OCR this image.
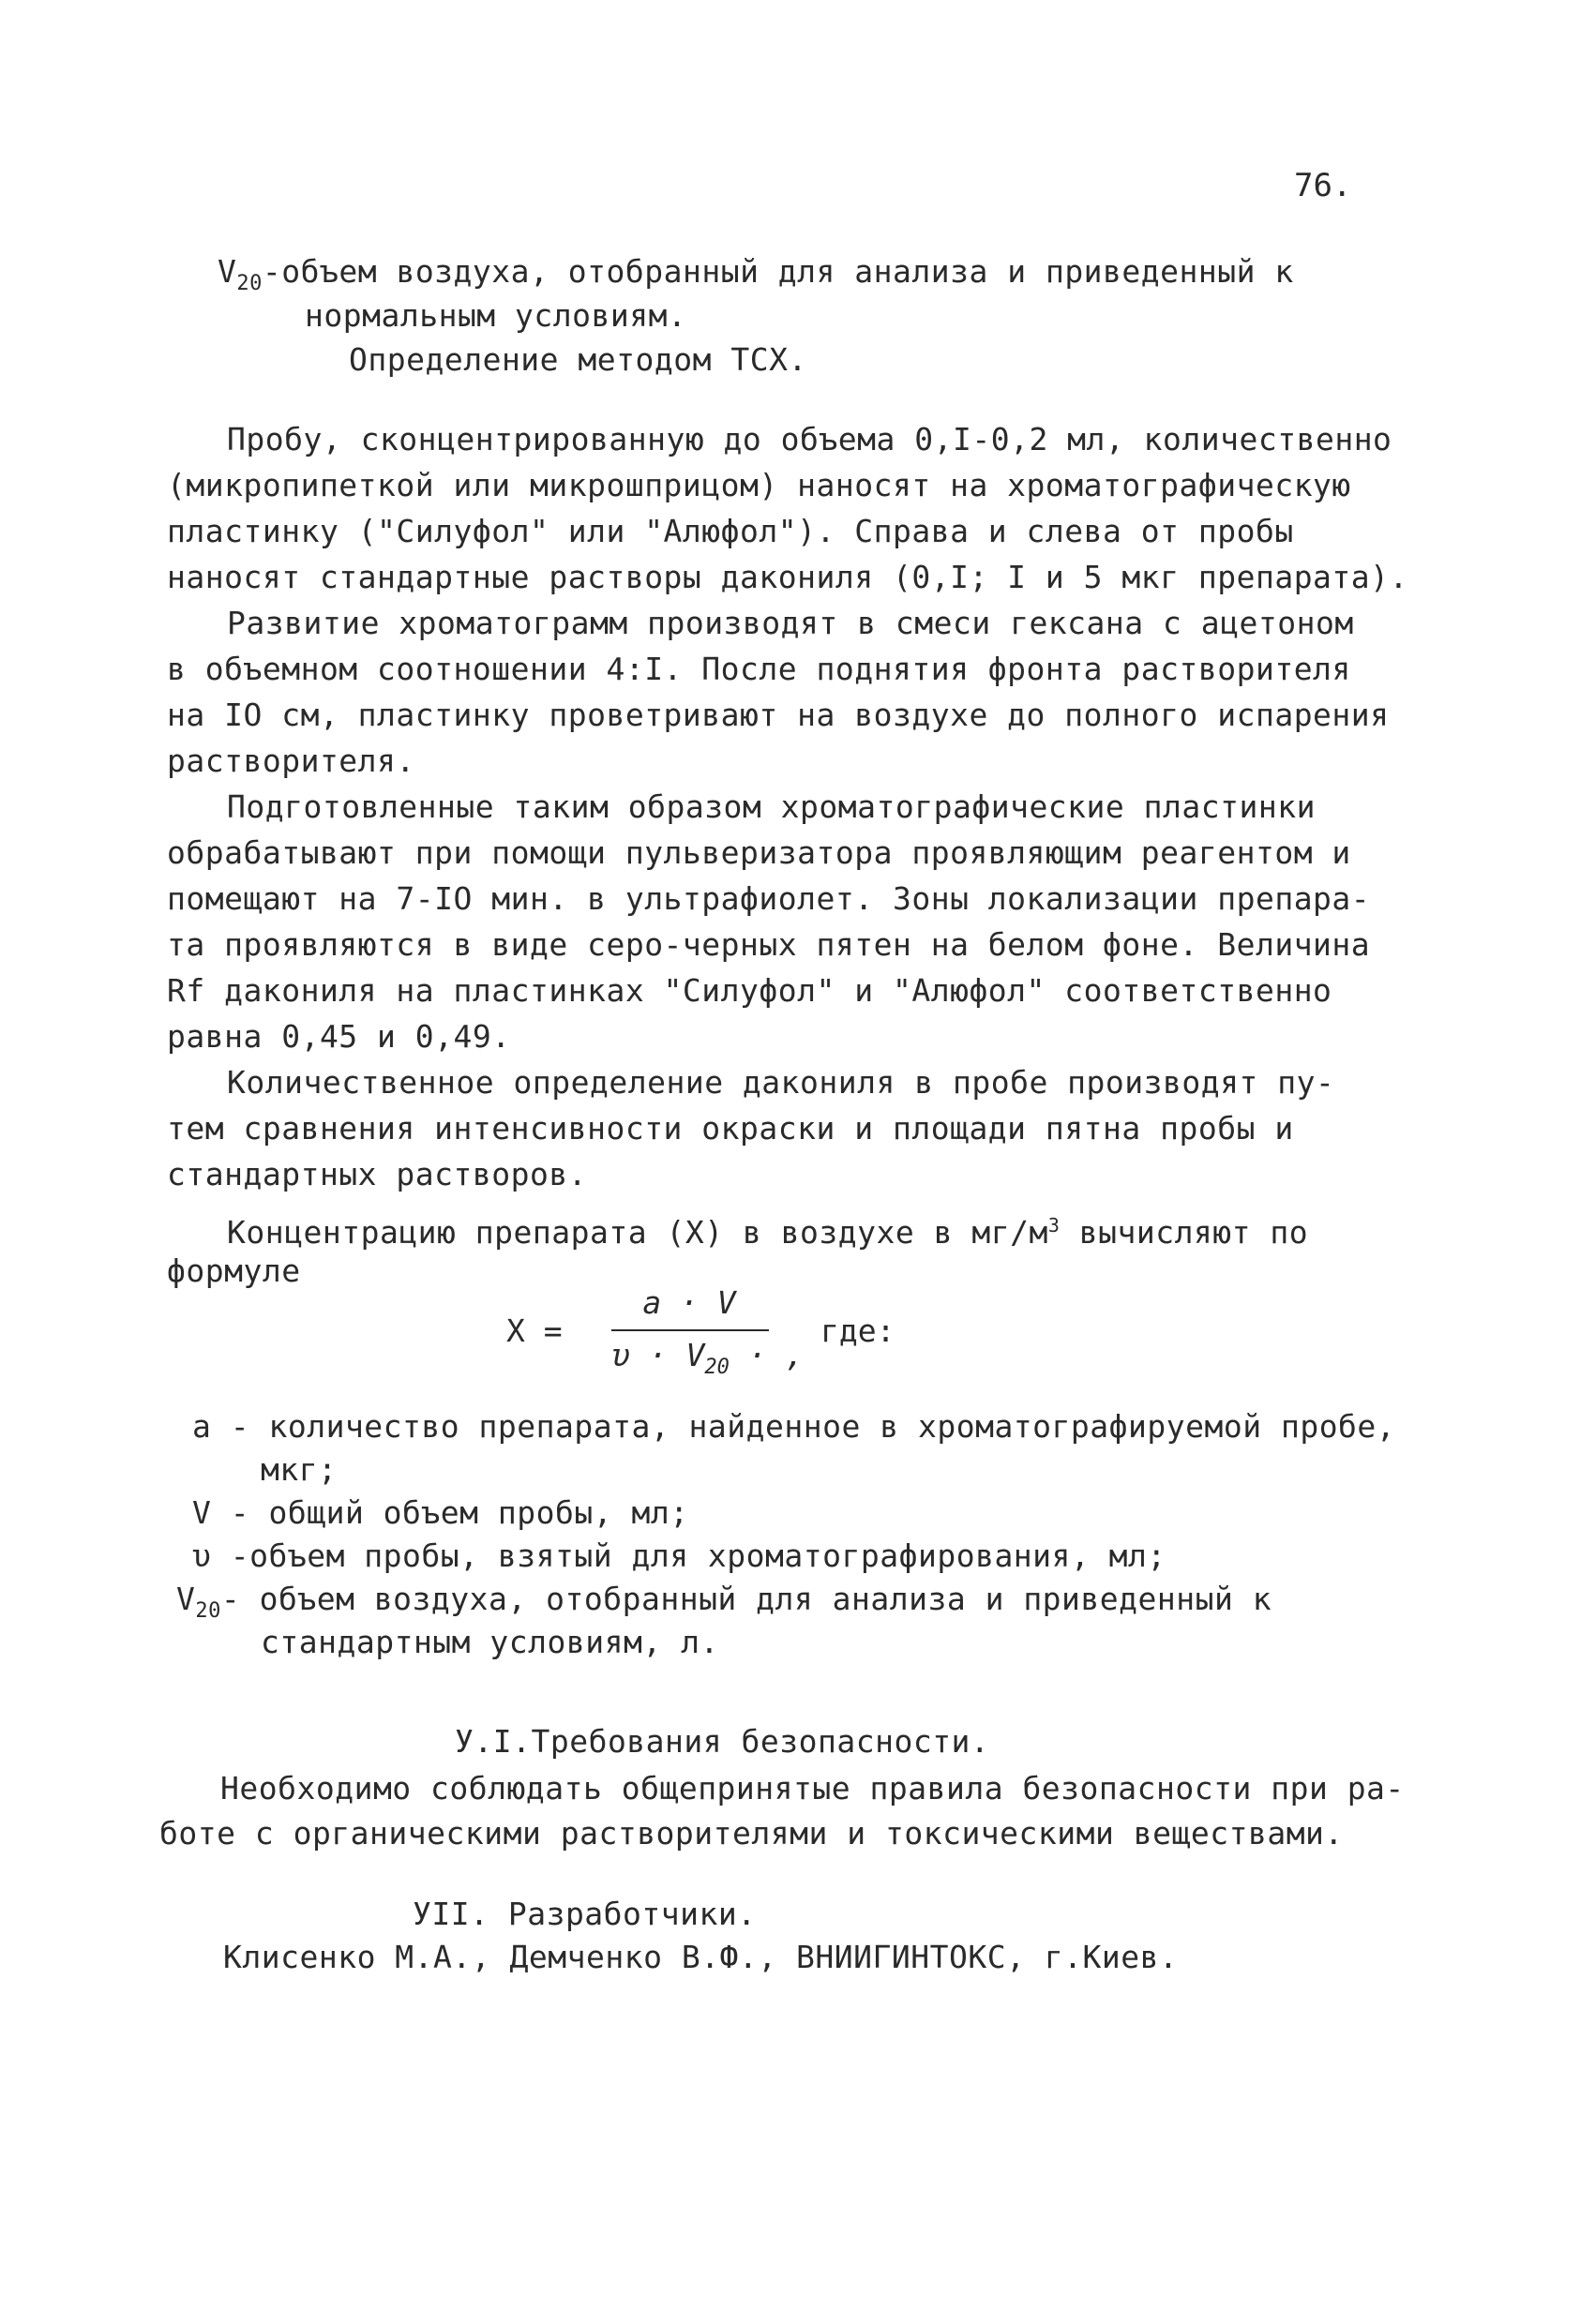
76.
$V_{20}$-объем воздуха, отобранный для анализа и приведенный к
нормальным условиям.
Определение методом ТСХ.
Пробу, сконцентрированную до объема 0,I-0,2 мл, количественно
(микропипеткой или микрошприцом) наносят на хроматографическую
пластинку ("Силуфол" или "Алюфол"). Справа и слева от пробы
наносят стандартные растворы дакониля (0,I; I и 5 мкг препарата).
Развитие хроматограмм производят в смеси гексана с ацетоном
в объемном соотношении 4:I. После поднятия фронта растворителя
на IO см, пластинку проветривают на воздухе до полного испарения
растворителя.
Подготовленные таким образом хроматографические пластинки
обрабатывают при помощи пульверизатора проявляющим реагентом и
помещают на 7-IO мин. в ультрафиолет. Зоны локализации препара-
та проявляются в виде серо-черных пятен на белом фоне. Величина
Rf дакониля на пластинках "Силуфол" и "Алюфол" соответственно
равна 0,45 и 0,49.
Количественное определение дакониля в пробе производят пу-
тем сравнения интенсивности окраски и площади пятна пробы и
стандартных растворов.
Концентрацию препарата (X) в воздухе в $мг/м^3$ вычисляют по
формуле
X =
a · V
$\upsilon \cdot V_{20}$ · ,
где:
a - количество препарата, найденное в хроматографируемой пробе,
мкг;
V - общий объем пробы, мл;
υ -объем пробы, взятый для хроматографирования, мл;
$V_{20}-$ объем воздуха, отобранный для анализа и приведенный к
стандартным условиям, л.
У.I.Требования безопасности.
Необходимо соблюдать общепринятые правила безопасности при ра-
боте с органическими растворителями и токсическими веществами.
УII. Разработчики.
Клисенко М.А., Демченко В.Ф., ВНИИГИНТОКС, г.Киев.
